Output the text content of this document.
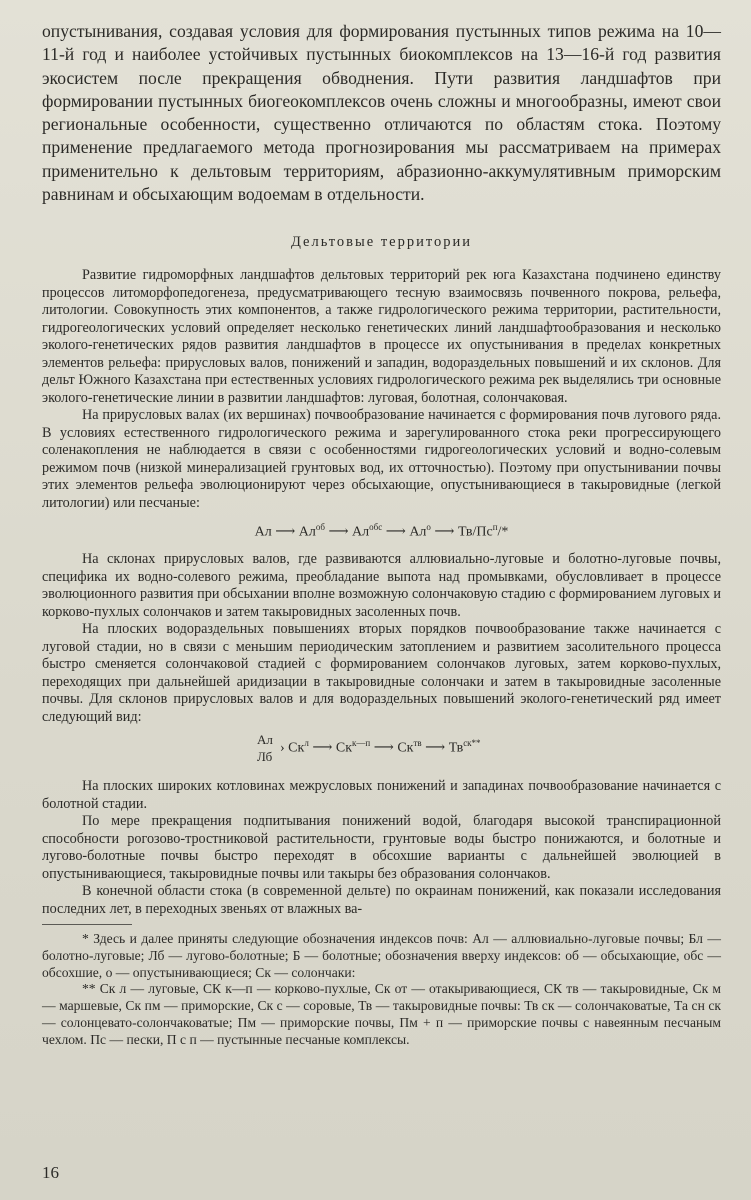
опустынивания, создавая условия для формирования пустынных типов режима на 10—11-й год и наиболее устойчивых пустынных биокомплексов на 13—16-й год развития экосистем после прекращения обводнения. Пути развития ландшафтов при формировании пустынных биогеокомплексов очень сложны и многообразны, имеют свои региональные особенности, существенно отличаются по областям стока. Поэтому применение предлагаемого метода прогнозирования мы рассматриваем на примерах применительно к дельтовым территориям, абразионно-аккумулятивным приморским равнинам и обсыхающим водоемам в отдельности.

Дельтовые территории

Развитие гидроморфных ландшафтов дельтовых территорий рек юга Казахстана подчинено единству процессов литоморфопедогенеза, предусматривающего тесную взаимосвязь почвенного покрова, рельефа, литологии. Совокупность этих компонентов, а также гидрологического режима территории, растительности, гидрогеологических условий определяет несколько генетических линий ландшафтообразования и несколько эколого-генетических рядов развития ландшафтов в процессе их опустынивания в пределах конкретных элементов рельефа: прирусловых валов, понижений и западин, водораздельных повышений и их склонов. Для дельт Южного Казахстана при естественных условиях гидрологического режима рек выделялись три основные эколого-генетические линии в развитии ландшафтов: луговая, болотная, солончаковая.

На прирусловых валах (их вершинах) почвообразование начинается с формирования почв лугового ряда. В условиях естественного гидрологического режима и зарегулированного стока реки прогрессирующего соленакопления не наблюдается в связи с особенностями гидрогеологических условий и водно-солевым режимом почв (низкой минерализацией грунтовых вод, их отточностью). Поэтому при опустынивании почвы этих элементов рельефа эволюционируют через обсыхающие, опустынивающиеся в такыровидные (легкой литологии) или песчаные:

Ал ⟶ $Ал^{об}$ ⟶ $Ал^{обс}$ ⟶ $Ал^о$ ⟶ $Тв/Пс^п/*$

На склонах прирусловых валов, где развиваются аллювиально-луговые и болотно-луговые почвы, специфика их водно-солевого режима, преобладание выпота над промывками, обусловливает в процессе эволюционного развития при обсыхании вполне возможную солончаковую стадию с формированием луговых и корково-пухлых солончаков и затем такыровидных засоленных почв.

На плоских водораздельных повышениях вторых порядков почвообразование также начинается с луговой стадии, но в связи с меньшим периодическим затоплением и развитием засолительного процесса быстро сменяется солончаковой стадией с формированием солончаков луговых, затем корково-пухлых, переходящих при дальнейшей аридизации в такыровидные солончаки и затем в такыровидные засоленные почвы. Для склонов прирусловых валов и для водораздельных повышений эколого-генетический ряд имеет следующий вид:

Ал
Лб
› $Ск^л$ ⟶ $Ск^{к—п}$ ⟶ $Ск^{тв}$ ⟶ $Тв^{ск**}$

На плоских широких котловинах межрусловых понижений и западинах почвообразование начинается с болотной стадии.

По мере прекращения подпитывания понижений водой, благодаря высокой транспирационной способности рогозово-тростниковой растительности, грунтовые воды быстро понижаются, и болотные и лугово-болотные почвы быстро переходят в обсохшие варианты с дальнейшей эволюцией в опустынивающиеся, такыровидные почвы или такыры без образования солончаков.

В конечной области стока (в современной дельте) по окраинам понижений, как показали исследования последних лет, в переходных звеньях от влажных ва-

* Здесь и далее приняты следующие обозначения индексов почв: Ал — аллювиально-луговые почвы; Бл — болотно-луговые; Лб — лугово-болотные; Б — болотные; обозначения вверху индексов: об — обсыхающие, обс — обсохшие, о — опустынивающиеся; Ск — солончаки:

** Ск л — луговые, СК к—п — корково-пухлые, Ск от — отакыривающиеся, СК тв — такыровидные, Ск м — маршевые, Ск пм — приморские, Ск с — соровые, Тв — такыровидные почвы: Тв ск — солончаковатые, Та сн ск — солонцевато-солончаковатые; Пм — приморские почвы, Пм + п — приморские почвы с навеянным песчаным чехлом. Пс — пески, П с п — пустынные песчаные комплексы.

16
